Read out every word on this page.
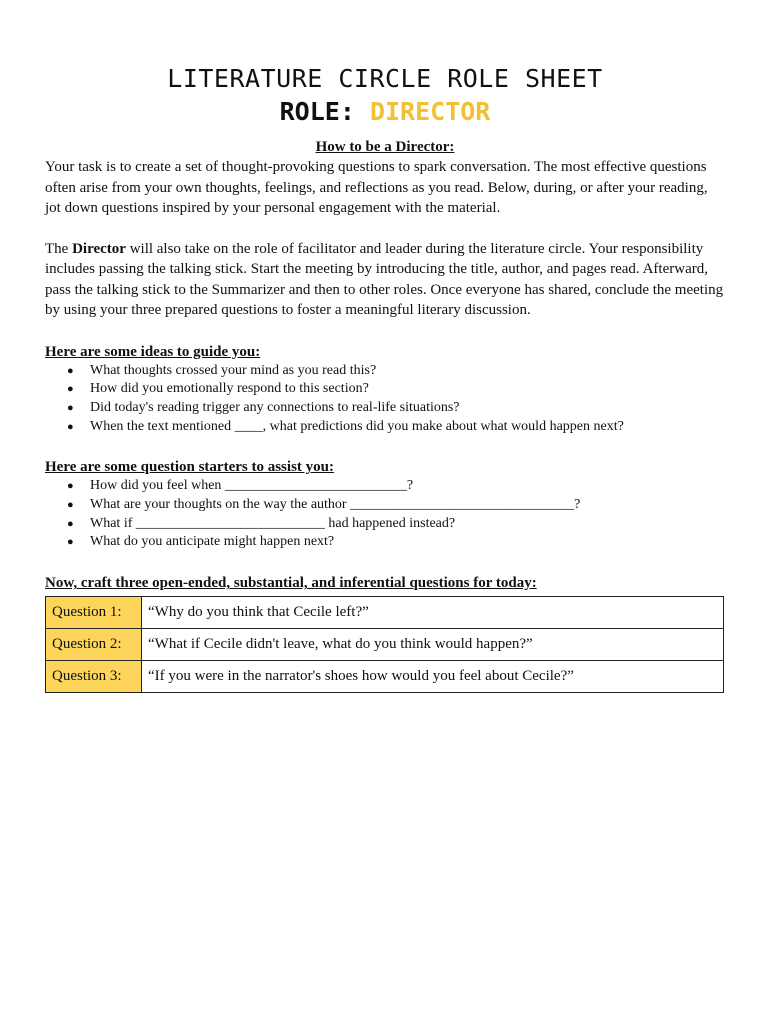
LITERATURE CIRCLE ROLE SHEET
ROLE: DIRECTOR
How to be a Director:

Your task is to create a set of thought-provoking questions to spark conversation. The most effective questions often arise from your own thoughts, feelings, and reflections as you read. Below, during, or after your reading, jot down questions inspired by your personal engagement with the material.

The Director will also take on the role of facilitator and leader during the literature circle. Your responsibility includes passing the talking stick. Start the meeting by introducing the title, author, and pages read. Afterward, pass the talking stick to the Summarizer and then to other roles. Once everyone has shared, conclude the meeting by using your three prepared questions to foster a meaningful literary discussion.

Here are some ideas to guide you:
● What thoughts crossed your mind as you read this?
● How did you emotionally respond to this section?
● Did today's reading trigger any connections to real-life situations?
● When the text mentioned ____, what predictions did you make about what would happen next?
Here are some question starters to assist you:
● How did you feel when __________________________?
● What are your thoughts on the way the author ________________________________?
● What if ___________________________ had happened instead?
● What do you anticipate might happen next?
Now, craft three open-ended, substantial, and inferential questions for today:
Question 1:	“Why do you think that Cecile left?”
Question 2:	“What if Cecile didn't leave, what do you think would happen?”
Question 3:	“If you were in the narrator's shoes how would you feel about Cecile?”
